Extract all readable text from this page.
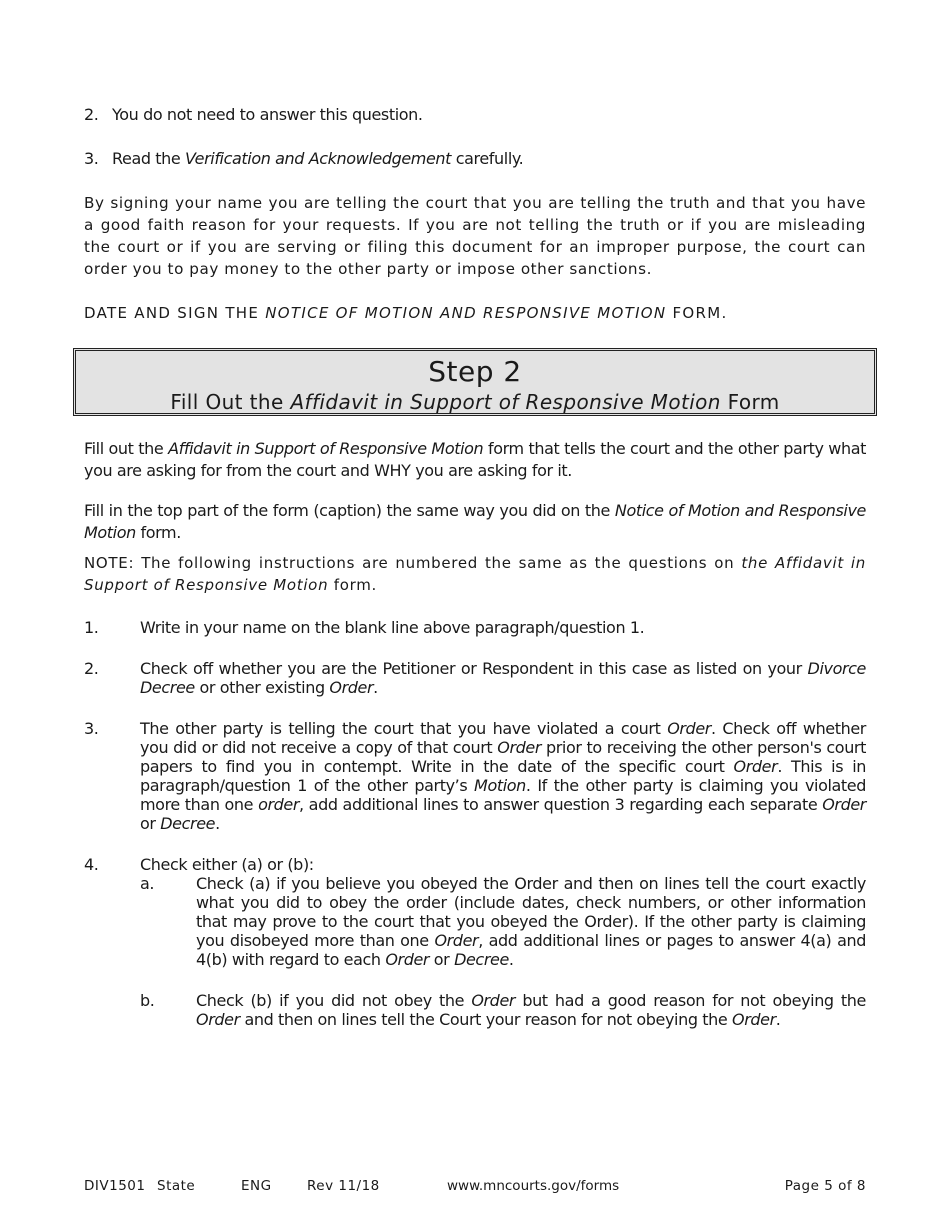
2. You do not need to answer this question.
3. Read the Verification and Acknowledgement carefully.

By signing your name you are telling the court that you are telling the truth and that you have a good faith reason for your requests. If you are not telling the truth or if you are misleading the court or if you are serving or filing this document for an improper purpose, the court can order you to pay money to the other party or impose other sanctions.

DATE AND SIGN THE NOTICE OF MOTION AND RESPONSIVE MOTION FORM.

Step 2
Fill Out the Affidavit in Support of Responsive Motion Form

Fill out the Affidavit in Support of Responsive Motion form that tells the court and the other party what you are asking for from the court and WHY you are asking for it.

Fill in the top part of the form (caption) the same way you did on the Notice of Motion and Responsive Motion form.

NOTE: The following instructions are numbered the same as the questions on the Affidavit in Support of Responsive Motion form.

1.	Write in your name on the blank line above paragraph/question 1.
2.	Check off whether you are the Petitioner or Respondent in this case as listed on your Divorce Decree or other existing Order.
3.	The other party is telling the court that you have violated a court Order. Check off whether you did or did not receive a copy of that court Order prior to receiving the other person's court papers to find you in contempt. Write in the date of the specific court Order. This is in paragraph/question 1 of the other party’s Motion. If the other party is claiming you violated more than one order, add additional lines to answer question 3 regarding each separate Order or Decree.
4.	Check either (a) or (b):
a.	Check (a) if you believe you obeyed the Order and then on lines tell the court exactly what you did to obey the order (include dates, check numbers, or other information that may prove to the court that you obeyed the Order). If the other party is claiming you disobeyed more than one Order, add additional lines or pages to answer 4(a) and 4(b) with regard to each Order or Decree.
b.	Check (b) if you did not obey the Order but had a good reason for not obeying the Order and then on lines tell the Court your reason for not obeying the Order.
DIV1501 State	ENG	Rev 11/18	www.mncourts.gov/forms	Page 5 of 8
